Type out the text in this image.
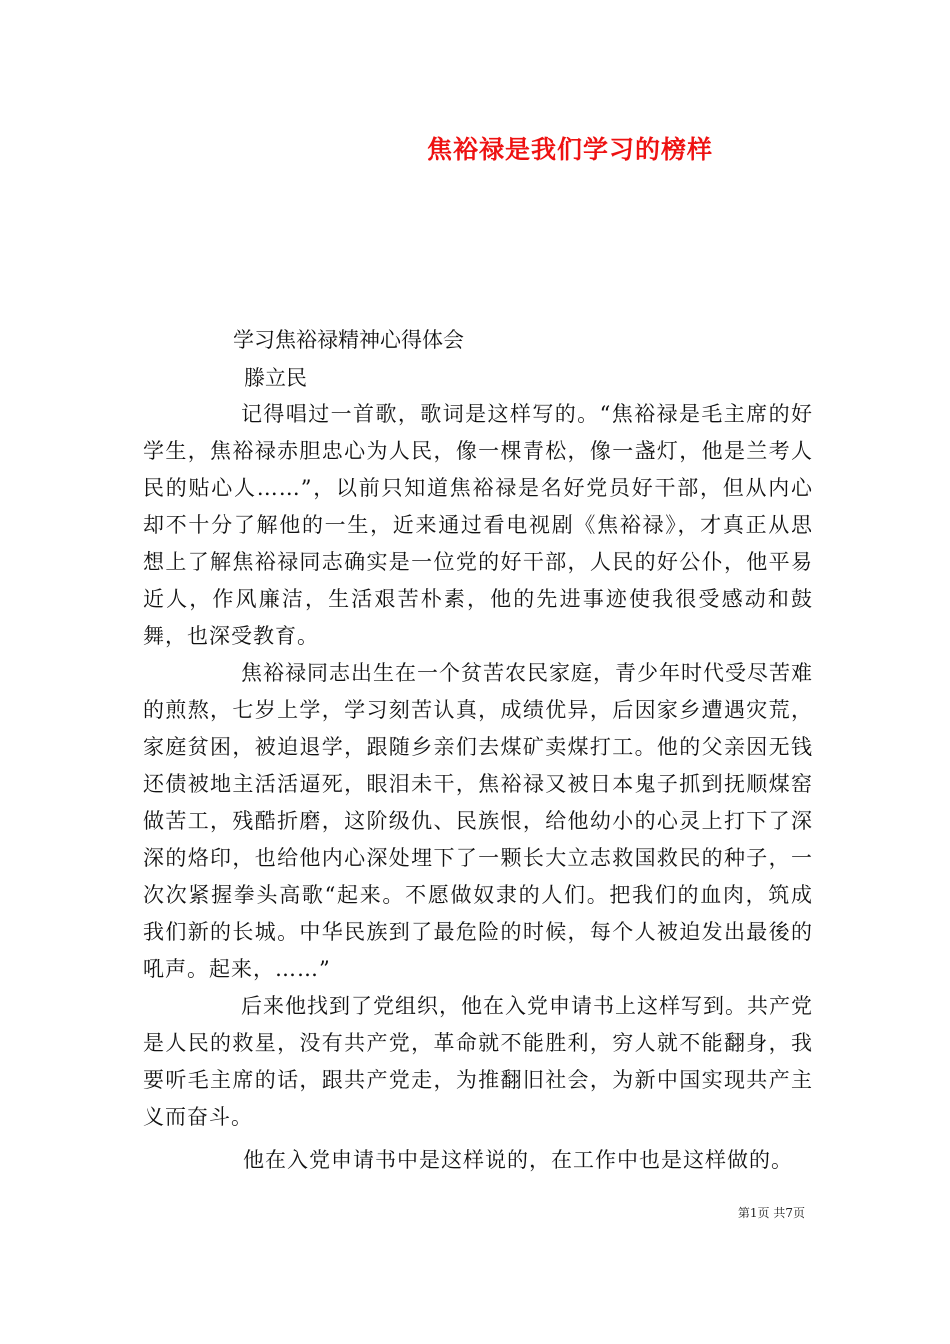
焦裕禄是我们学习的榜样
学习焦裕禄精神心得体会
滕立民

记得唱过一首歌，歌词是这样写的。“焦裕禄是毛主席的好学生，焦裕禄赤胆忠心为人民，像一棵青松，像一盏灯，他是兰考人民的贴心人……”，以前只知道焦裕禄是名好党员好干部，但从内心却不十分了解他的一生，近来通过看电视剧《焦裕禄》，才真正从思想上了解焦裕禄同志确实是一位党的好干部，人民的好公仆，他平易近人，作风廉洁，生活艰苦朴素，他的先进事迹使我很受感动和鼓舞，也深受教育。

焦裕禄同志出生在一个贫苦农民家庭，青少年时代受尽苦难的煎熬，七岁上学，学习刻苦认真，成绩优异，后因家乡遭遇灾荒，家庭贫困，被迫退学，跟随乡亲们去煤矿卖煤打工。他的父亲因无钱还债被地主活活逼死，眼泪未干，焦裕禄又被日本鬼子抓到抚顺煤窑做苦工，残酷折磨，这阶级仇、民族恨，给他幼小的心灵上打下了深深的烙印，也给他内心深处埋下了一颗长大立志救国救民的种子，一次次紧握拳头高歌“起来。不愿做奴隶的人们。把我们的血肉，筑成我们新的长城。中华民族到了最危险的时候，每个人被迫发出最後的吼声。起来，……”

后来他找到了党组织，他在入党申请书上这样写到。共产党是人民的救星，没有共产党，革命就不能胜利，穷人就不能翻身，我要听毛主席的话，跟共产党走，为推翻旧社会，为新中国实现共产主义而奋斗。

他在入党申请书中是这样说的，在工作中也是这样做的。

第1页 共7页
